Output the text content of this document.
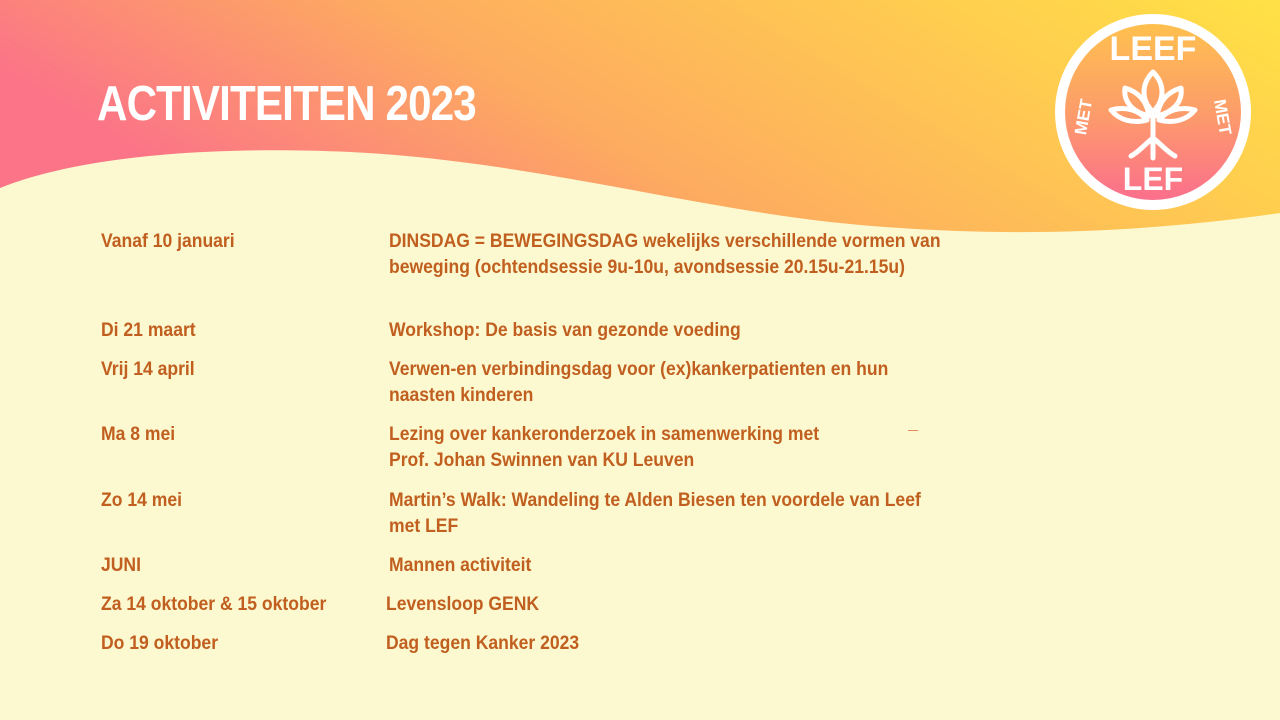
ACTIVITEITEN 2023
LEEF
LEF
MET	MET
Vanaf 10 januari	DINSDAG = BEWEGINGSDAG wekelijks verschillende vormen van beweging (ochtendsessie 9u-10u, avondsessie 20.15u-21.15u)
Di 21 maart	Workshop: De basis van gezonde voeding
Vrij 14 april	Verwen-en verbindingsdag voor (ex)kankerpatienten en hun naasten kinderen
Ma 8 mei	Lezing over kankeronderzoek in samenwerking met Prof. Johan Swinnen van KU Leuven
Zo 14 mei	Martin’s Walk: Wandeling te Alden Biesen ten voordele van Leef met LEF
JUNI	Mannen activiteit
Za 14 oktober & 15 oktober	Levensloop GENK
Do 19 oktober	Dag tegen Kanker 2023
